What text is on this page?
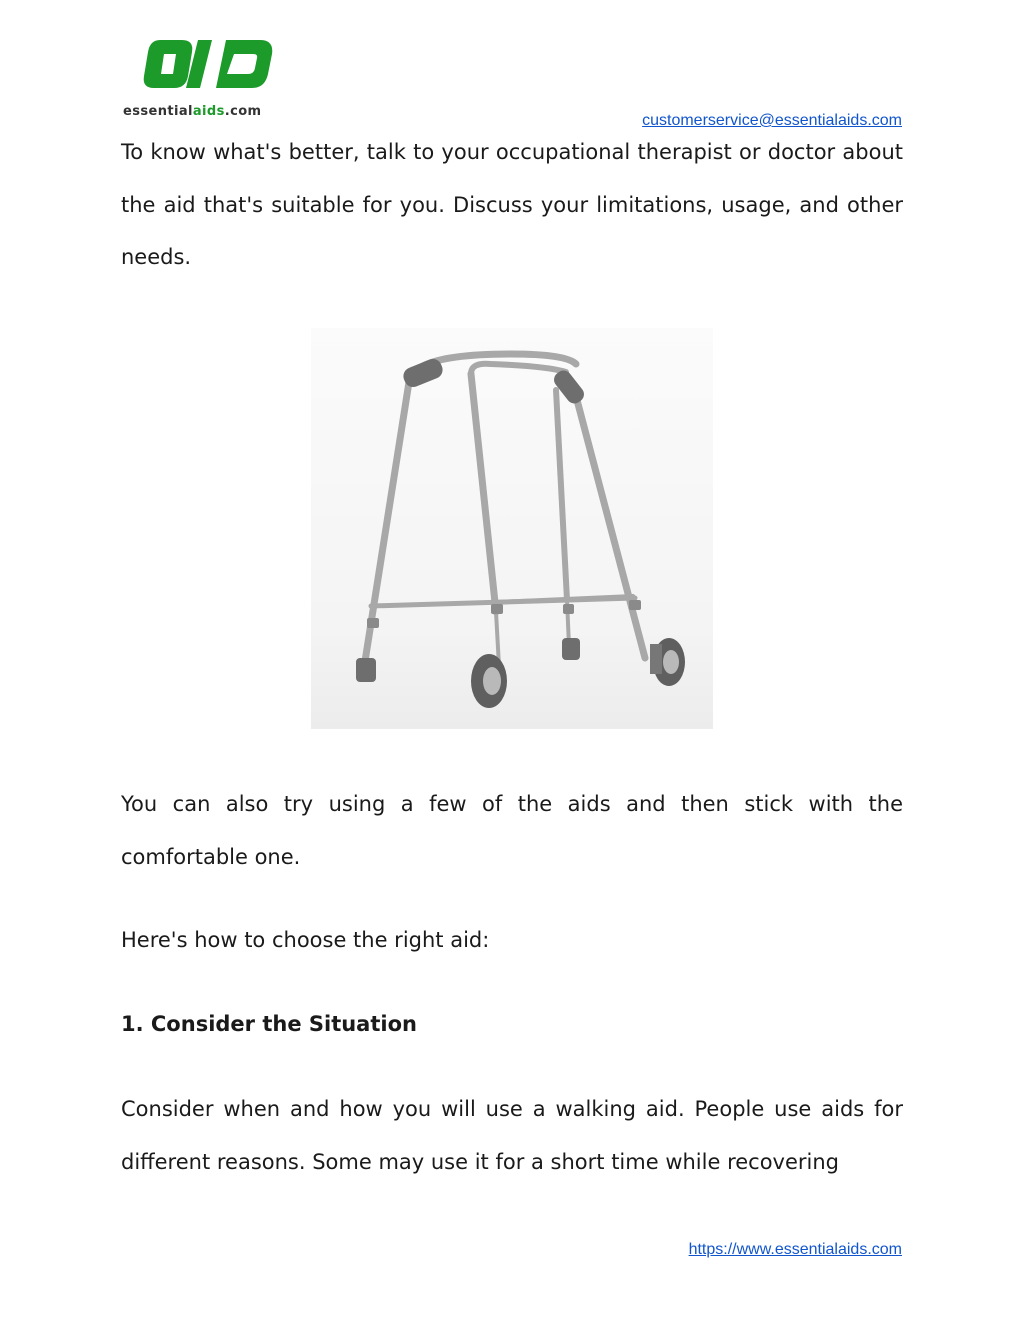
essentialaids.com
customerservice@essentialaids.com

To know what's better, talk to your occupational therapist or doctor about the aid that's suitable for you. Discuss your limitations, usage, and other needs.

You can also try using a few of the aids and then stick with the comfortable one.

Here's how to choose the right aid:

1. Consider the Situation

Consider when and how you will use a walking aid. People use aids for different reasons. Some may use it for a short time while recovering

https://www.essentialaids.com
